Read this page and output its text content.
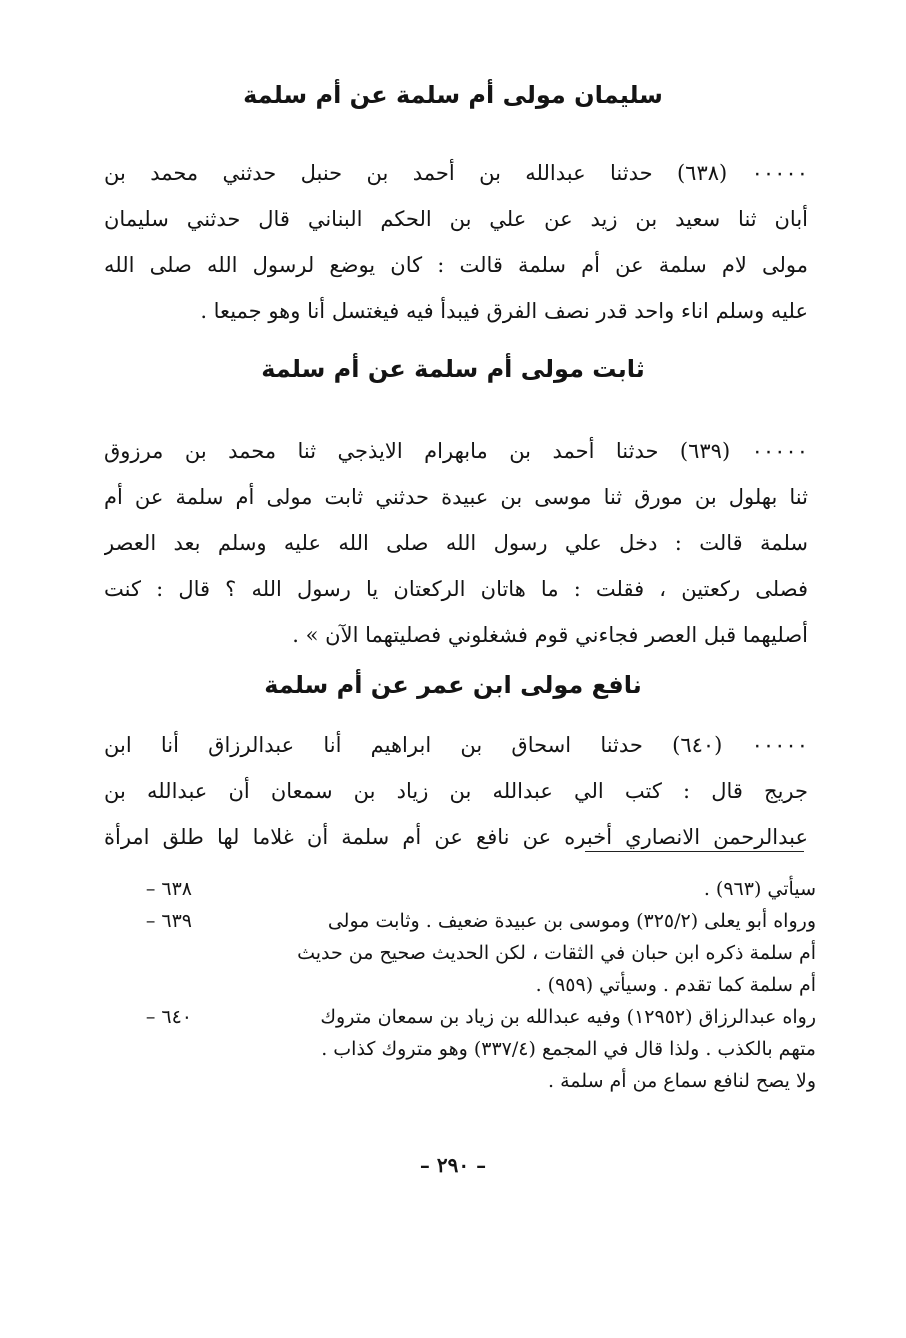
سليمان مولى أم سلمة عن أم سلمة
٠٠٠٠٠ (٦٣٨) حدثنا عبدالله بن أحمد بن حنبل حدثني محمد بن
أبان ثنا سعيد بن زيد عن علي بن الحكم البناني قال حدثني سليمان
مولى لام سلمة عن أم سلمة قالت : كان يوضع لرسول الله صلى الله
عليه وسلم اناء واحد قدر نصف الفرق فيبدأ فيه فيغتسل أنا وهو جميعا .
ثابت مولى أم سلمة عن أم سلمة
٠٠٠٠٠ (٦٣٩) حدثنا أحمد بن مابهرام الايذجي ثنا محمد بن مرزوق
ثنا بهلول بن مورق ثنا موسى بن عبيدة حدثني ثابت مولى أم سلمة عن أم
سلمة قالت : دخل علي رسول الله صلى الله عليه وسلم بعد العصر
فصلى ركعتين ، فقلت : ما هاتان الركعتان يا رسول الله ؟ قال : كنت
أصليهما قبل العصر فجاءني قوم فشغلوني فصليتهما الآن » .
نافع مولى ابن عمر عن أم سلمة
٠٠٠٠٠ (٦٤٠) حدثنا اسحاق بن ابراهيم أنا عبدالرزاق أنا ابن
جريج قال : كتب الي عبدالله بن زياد بن سمعان أن عبدالله بن
عبدالرحمن الانصاري أخبره عن نافع عن أم سلمة أن غلاما لها طلق امرأة
٦٣٨ –	سيأتي (٩٦٣) .
٦٣٩ –	ورواه أبو يعلى (٣٢٥/٢) وموسى بن عبيدة ضعيف . وثابت مولى
أم سلمة ذكره ابن حبان في الثقات ، لكن الحديث صحيح من حديث
أم سلمة كما تقدم . وسيأتي (٩٥٩) .
٦٤٠ –	رواه عبدالرزاق (١٢٩٥٢) وفيه عبدالله بن زياد بن سمعان متروك
متهم بالكذب . ولذا قال في المجمع (٣٣٧/٤) وهو متروك كذاب .
ولا يصح لنافع سماع من أم سلمة .
– ٢٩٠ –
